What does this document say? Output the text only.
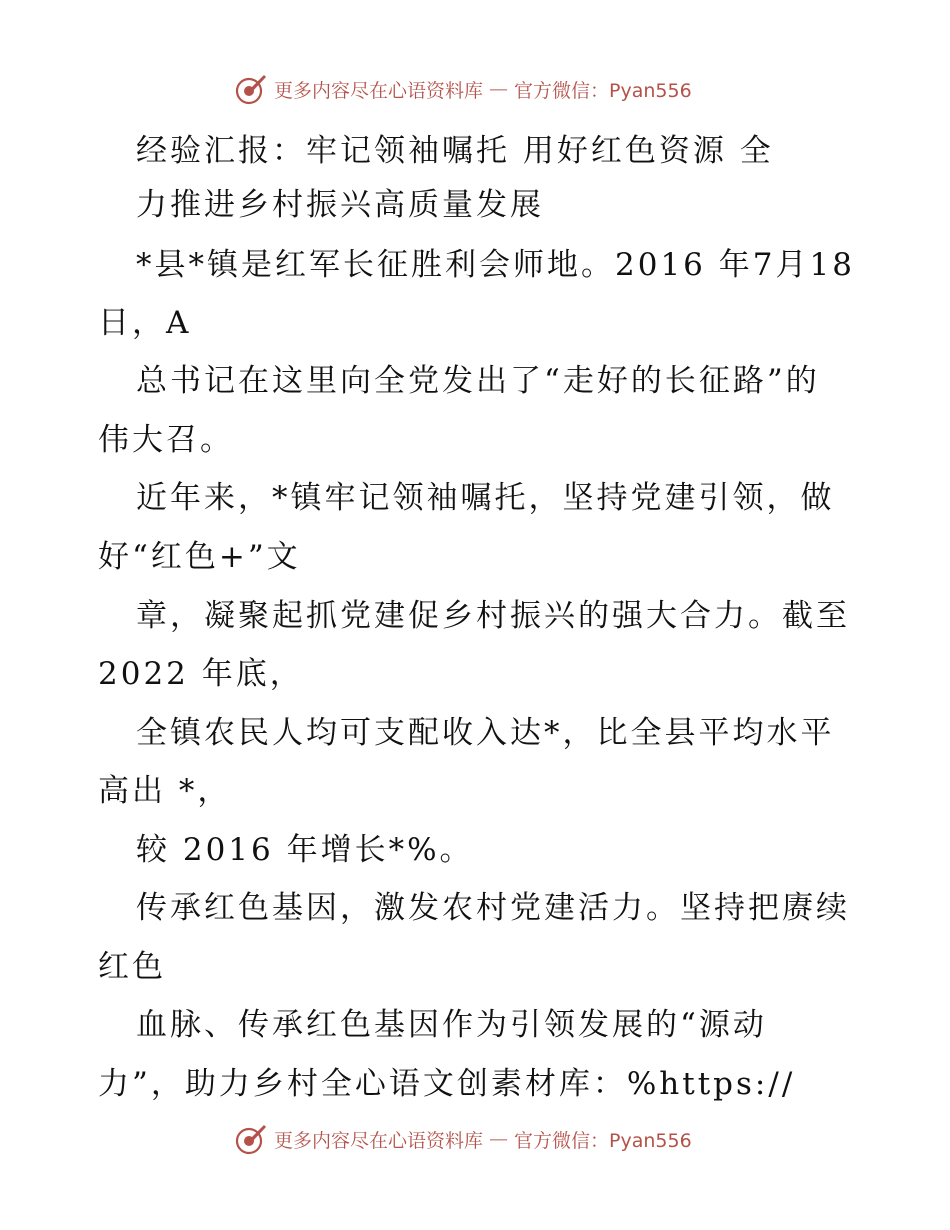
更多内容尽在心语资料库 — 官方微信：Pyan556
经验汇报：牢记领袖嘱托 用好红色资源 全
力推进乡村振兴高质量发展
*县*镇是红军长征胜利会师地。2016 年7月18
日，A
总书记在这里向全党发出了“走好的长征路”的
伟大召。
近年来，*镇牢记领袖嘱托，坚持党建引领，做
好“红色+”文
章，凝聚起抓党建促乡村振兴的强大合力。截至
2022 年底，
全镇农民人均可支配收入达*，比全县平均水平
高出 *，
较 2016 年增长*%。
传承红色基因，激发农村党建活力。坚持把赓续
红色
血脉、传承红色基因作为引领发展的“源动
力”，助力乡村全心语文创素材库：%https://
更多内容尽在心语资料库 — 官方微信：Pyan556
